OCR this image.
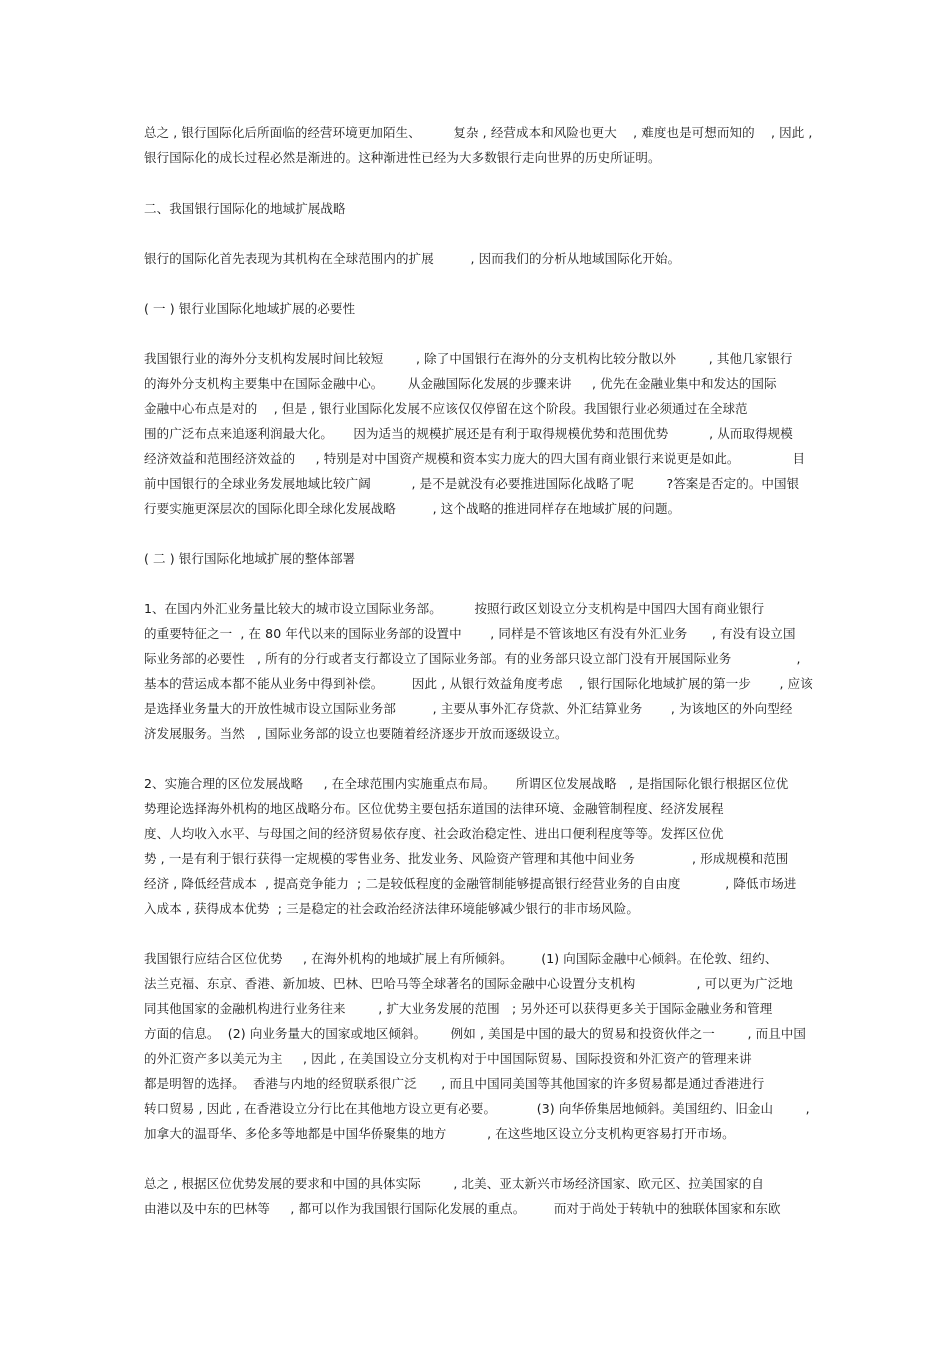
总之 , 银行国际化后所面临的经营环境更加陌生、        复杂 , 经营成本和风险也更大    , 难度也是可想而知的    , 因此 ,
银行国际化的成长过程必然是渐进的。这种渐进性已经为大多数银行走向世界的历史所证明。
二、我国银行国际化的地域扩展战略
银行的国际化首先表现为其机构在全球范围内的扩展         , 因而我们的分析从地域国际化开始。
( 一 ) 银行业国际化地域扩展的必要性
我国银行业的海外分支机构发展时间比较短        , 除了中国银行在海外的分支机构比较分散以外        , 其他几家银行
的海外分支机构主要集中在国际金融中心。      从金融国际化发展的步骤来讲     , 优先在金融业集中和发达的国际
金融中心布点是对的    , 但是 , 银行业国际化发展不应该仅仅停留在这个阶段。我国银行业必须通过在全球范
围的广泛布点来追逐利润最大化。     因为适当的规模扩展还是有利于取得规模优势和范围优势          , 从而取得规模
经济效益和范围经济效益的     , 特别是对中国资产规模和资本实力庞大的四大国有商业银行来说更是如此。             目
前中国银行的全球业务发展地域比较广阔          , 是不是就没有必要推进国际化战略了呢        ?答案是否定的。中国银
行要实施更深层次的国际化即全球化发展战略         , 这个战略的推进同样存在地域扩展的问题。
( 二 ) 银行国际化地域扩展的整体部署
1、在国内外汇业务量比较大的城市设立国际业务部。        按照行政区划设立分支机构是中国四大国有商业银行
的重要特征之一  , 在 80 年代以来的国际业务部的设置中       , 同样是不管该地区有没有外汇业务      , 有没有设立国
际业务部的必要性   , 所有的分行或者支行都设立了国际业务部。有的业务部只设立部门没有开展国际业务                ,
基本的营运成本都不能从业务中得到补偿。       因此 , 从银行效益角度考虑    , 银行国际化地域扩展的第一步       , 应该
是选择业务量大的开放性城市设立国际业务部         , 主要从事外汇存贷款、外汇结算业务       , 为该地区的外向型经
济发展服务。当然   , 国际业务部的设立也要随着经济逐步开放而逐级设立。
2、实施合理的区位发展战略     , 在全球范围内实施重点布局。     所谓区位发展战略   , 是指国际化银行根据区位优
势理论选择海外机构的地区战略分布。区位优势主要包括东道国的法律环境、金融管制程度、经济发展程
度、人均收入水平、与母国之间的经济贸易依存度、社会政治稳定性、进出口便利程度等等。发挥区位优
势 , 一是有利于银行获得一定规模的零售业务、批发业务、风险资产管理和其他中间业务              , 形成规模和范围
经济 , 降低经营成本  , 提高竞争能力  ; 二是较低程度的金融管制能够提高银行经营业务的自由度           , 降低市场进
入成本 , 获得成本优势  ; 三是稳定的社会政治经济法律环境能够减少银行的非市场风险。
我国银行应结合区位优势     , 在海外机构的地域扩展上有所倾斜。       (1) 向国际金融中心倾斜。在伦敦、纽约、
法兰克福、东京、香港、新加坡、巴林、巴哈马等全球著名的国际金融中心设置分支机构               , 可以更为广泛地
同其他国家的金融机构进行业务往来        , 扩大业务发展的范围   ; 另外还可以获得更多关于国际金融业务和管理
方面的信息。  (2) 向业务量大的国家或地区倾斜。      例如 , 美国是中国的最大的贸易和投资伙伴之一        , 而且中国
的外汇资产多以美元为主     , 因此 , 在美国设立分支机构对于中国国际贸易、国际投资和外汇资产的管理来讲
都是明智的选择。  香港与内地的经贸联系很广泛      , 而且中国同美国等其他国家的许多贸易都是通过香港进行
转口贸易 , 因此 , 在香港设立分行比在其他地方设立更有必要。          (3) 向华侨集居地倾斜。美国纽约、旧金山        ,
加拿大的温哥华、多伦多等地都是中国华侨聚集的地方          , 在这些地区设立分支机构更容易打开市场。
总之 , 根据区位优势发展的要求和中国的具体实际        , 北美、亚太新兴市场经济国家、欧元区、拉美国家的自
由港以及中东的巴林等     , 都可以作为我国银行国际化发展的重点。       而对于尚处于转轨中的独联体国家和东欧
